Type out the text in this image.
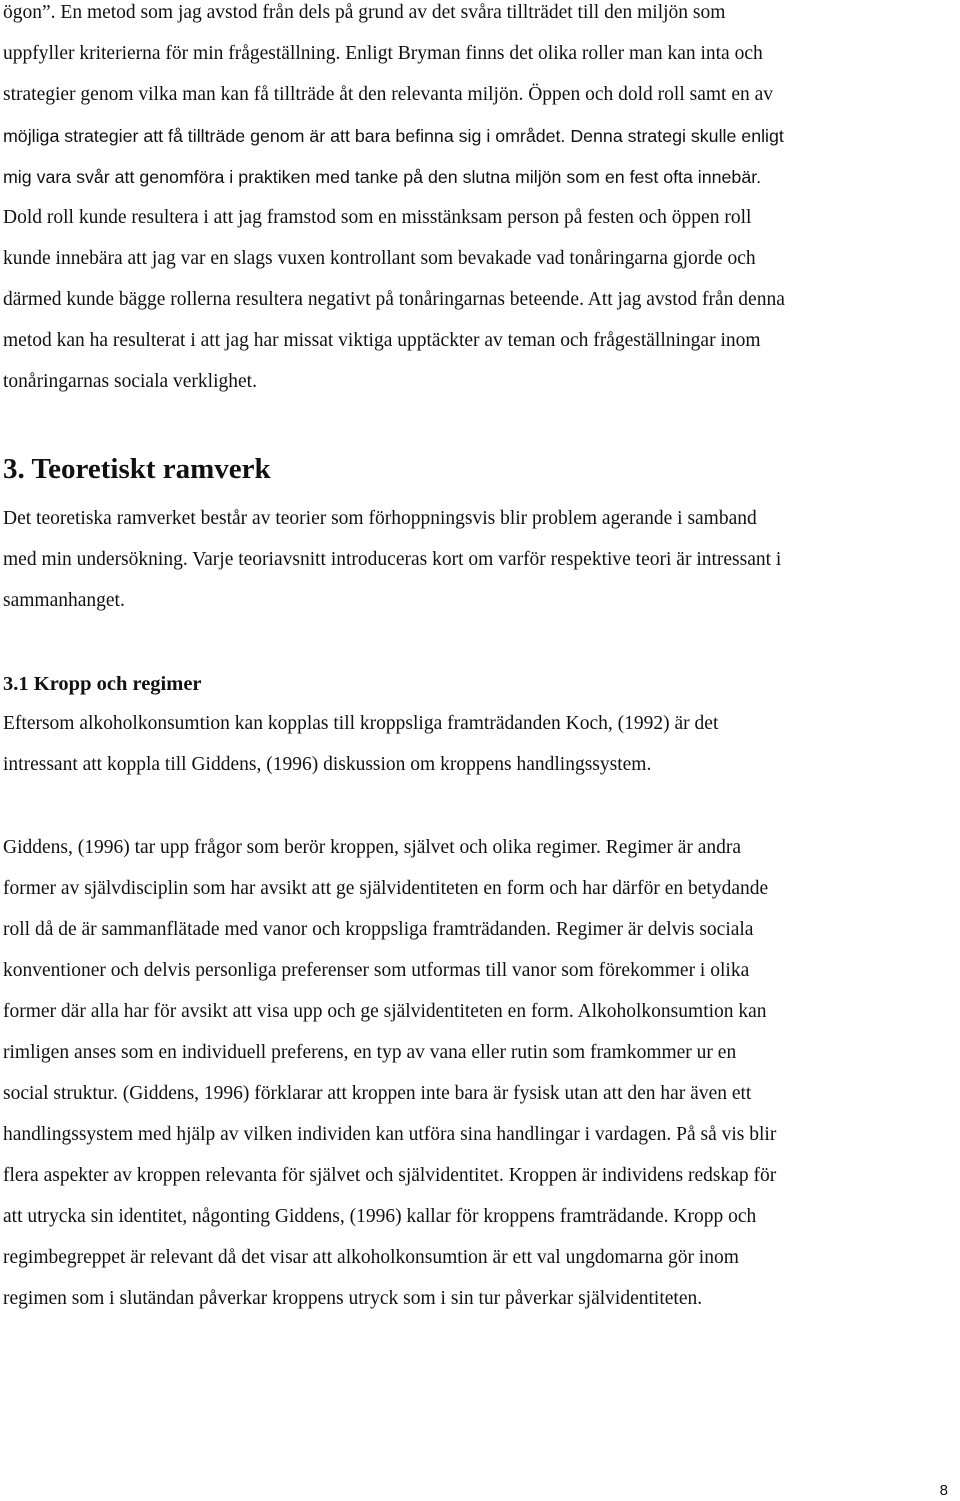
ögon”. En metod som jag avstod från dels på grund av det svåra tillträdet till den miljön som
uppfyller kriterierna för min frågeställning. Enligt Bryman finns det olika roller man kan inta och
strategier genom vilka man kan få tillträde åt den relevanta miljön. Öppen och dold roll samt en av
möjliga strategier att få tillträde genom är att bara befinna sig i området. Denna strategi skulle enligt
mig vara svår att genomföra i praktiken med tanke på den slutna miljön som en fest ofta innebär.
Dold roll kunde resultera i att jag framstod som en misstänksam person på festen och öppen roll
kunde innebära att jag var en slags vuxen kontrollant som bevakade vad tonåringarna gjorde och
därmed kunde bägge rollerna resultera negativt på tonåringarnas beteende. Att jag avstod från denna
metod kan ha resulterat i att jag har missat viktiga upptäckter av teman och frågeställningar inom
tonåringarnas sociala verklighet.
3. Teoretiskt ramverk
Det teoretiska ramverket består av teorier som förhoppningsvis blir problem agerande i samband
med min undersökning. Varje teoriavsnitt introduceras kort om varför respektive teori är intressant i
sammanhanget.
3.1 Kropp och regimer
Eftersom alkoholkonsumtion kan kopplas till kroppsliga framträdanden Koch, (1992) är det
intressant att koppla till Giddens, (1996) diskussion om kroppens handlingssystem.
Giddens, (1996) tar upp frågor som berör kroppen, självet och olika regimer. Regimer är andra
former av självdisciplin som har avsikt att ge självidentiteten en form och har därför en betydande
roll då de är sammanflätade med vanor och kroppsliga framträdanden. Regimer är delvis sociala
konventioner och delvis personliga preferenser som utformas till vanor som förekommer i olika
former där alla har för avsikt att visa upp och ge självidentiteten en form. Alkoholkonsumtion kan
rimligen anses som en individuell preferens, en typ av vana eller rutin som framkommer ur en
social struktur. (Giddens, 1996) förklarar att kroppen inte bara är fysisk utan att den har även ett
handlingssystem med hjälp av vilken individen kan utföra sina handlingar i vardagen. På så vis blir
flera aspekter av kroppen relevanta för självet och självidentitet. Kroppen är individens redskap för
att utrycka sin identitet, någonting Giddens, (1996) kallar för kroppens framträdande. Kropp och
regimbegreppet är relevant då det visar att alkoholkonsumtion är ett val ungdomarna gör inom
regimen som i slutändan påverkar kroppens utryck som i sin tur påverkar självidentiteten.
8
